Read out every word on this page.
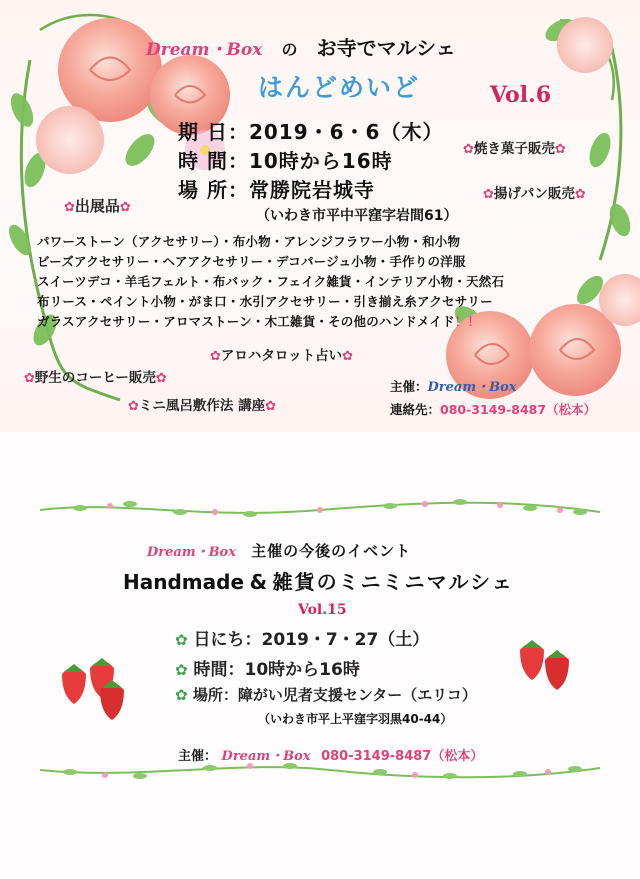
Dream・Box の お寺でマルシェ
はんどめいど	Vol.6
期 日：2019・6・6（木）
時 間：10時から16時
場 所：常勝院岩城寺
（いわき市平中平窪字岩間61）
✿焼き菓子販売✿
✿揚げパン販売✿
✿出展品✿
パワーストーン（アクセサリー）・布小物・アレンジフラワー小物・和小物
ビーズアクセサリー・ヘアアクセサリー・デコパージュ小物・手作りの洋服
スイーツデコ・羊毛フェルト・布バック・フェイク雑貨・インテリア小物・天然石
布リース・ペイント小物・がま口・水引アクセサリー・引き揃え糸アクセサリー
ガラスアクセサリー・アロマストーン・木工雑貨・その他のハンドメイド！！
✿アロハタロット占い✿
✿野生のコーヒー販売✿
✿ミニ風呂敷作法 講座✿
主催：Dream・Box
連絡先：080-3149-8487（松本）
Dream・Box 主催の今後のイベント
Handmade & 雑貨のミニミニマルシェ
Vol.15
✿ 日にち：2019・7・27（土）
✿ 時間：10時から16時
✿ 場所：障がい児者支援センター（エリコ）
（いわき市平上平窪字羽黒40-44）
主催： Dream・Box 080-3149-8487（松本）
